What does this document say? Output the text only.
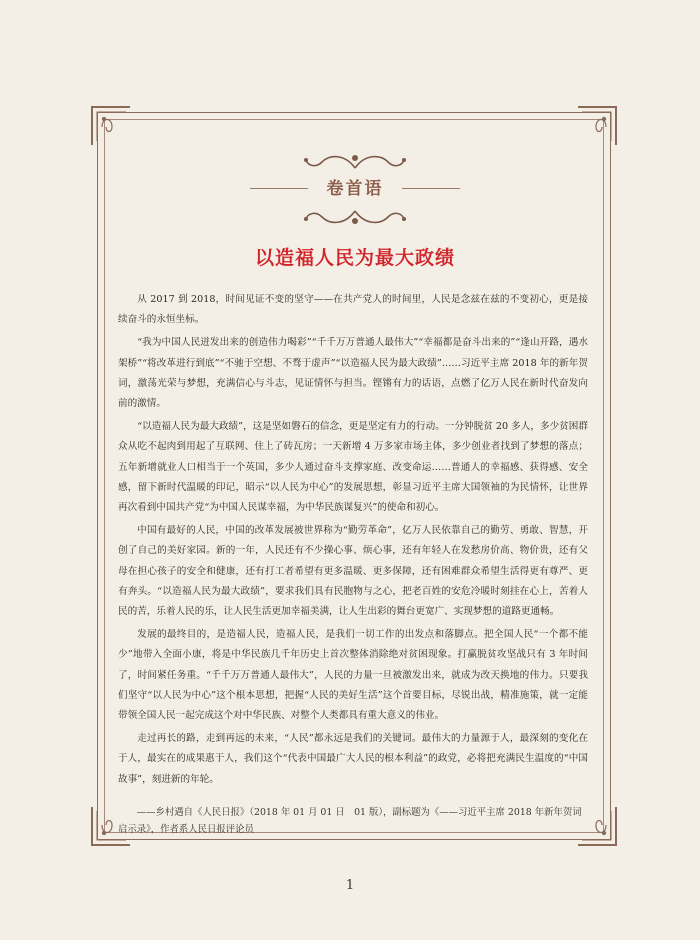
卷首语
以造福人民为最大政绩

从 2017 到 2018，时间见证不变的坚守——在共产党人的时间里，人民是念兹在兹的不变初心，更是接续奋斗的永恒坐标。

“我为中国人民迸发出来的创造伟力喝彩”“千千万万普通人最伟大”“幸福都是奋斗出来的”“逢山开路，遇水架桥”“将改革进行到底”“不驰于空想、不骛于虚声”“以造福人民为最大政绩”……习近平主席 2018 年的新年贺词，激荡光荣与梦想，充满信心与斗志，见证情怀与担当。铿锵有力的话语，点燃了亿万人民在新时代奋发向前的激情。

“以造福人民为最大政绩”，这是坚如磐石的信念，更是坚定有力的行动。一分钟脱贫 20 多人，多少贫困群众从吃不起肉到用起了互联网、住上了砖瓦房；一天新增 4 万多家市场主体，多少创业者找到了梦想的落点；五年新增就业人口相当于一个英国，多少人通过奋斗支撑家庭、改变命运……普通人的幸福感、获得感、安全感，留下新时代温暖的印记，昭示“以人民为中心”的发展思想，彰显习近平主席大国领袖的为民情怀，让世界再次看到中国共产党“为中国人民谋幸福，为中华民族谋复兴”的使命和初心。

中国有最好的人民，中国的改革发展被世界称为“勤劳革命”，亿万人民依靠自己的勤劳、勇敢、智慧，开创了自己的美好家园。新的一年，人民还有不少操心事、烦心事，还有年轻人在发愁房价高、物价贵，还有父母在担心孩子的安全和健康，还有打工者希望有更多温暖、更多保障，还有困难群众希望生活得更有尊严、更有奔头。“以造福人民为最大政绩”，要求我们具有民胞物与之心，把老百姓的安危冷暖时刻挂在心上，苦着人民的苦，乐着人民的乐，让人民生活更加幸福美满，让人生出彩的舞台更宽广、实现梦想的道路更通畅。

发展的最终目的，是造福人民，造福人民，是我们一切工作的出发点和落脚点。把全国人民“一个都不能少”地带入全面小康，将是中华民族几千年历史上首次整体消除绝对贫困现象。打赢脱贫攻坚战只有 3 年时间了，时间紧任务重。“千千万万普通人最伟大”，人民的力量一旦被激发出来，就成为改天换地的伟力。只要我们坚守“以人民为中心”这个根本思想，把握“人民的美好生活”这个首要目标，尽锐出战，精准施策，就一定能带领全国人民一起完成这个对中华民族、对整个人类都具有重大意义的伟业。

走过再长的路，走到再远的未来，“人民”都永远是我们的关键词。最伟大的力量源于人，最深刻的变化在于人，最实在的成果惠于人，我们这个“代表中国最广大人民的根本利益”的政党，必将把充满民生温度的“中国故事”，刻进新的年轮。

——乡村遇自《人民日报》（2018 年 01 月 01 日　01 版），副标题为《——习近平主席 2018 年新年贺词启示录》，作者系人民日报评论员

1
